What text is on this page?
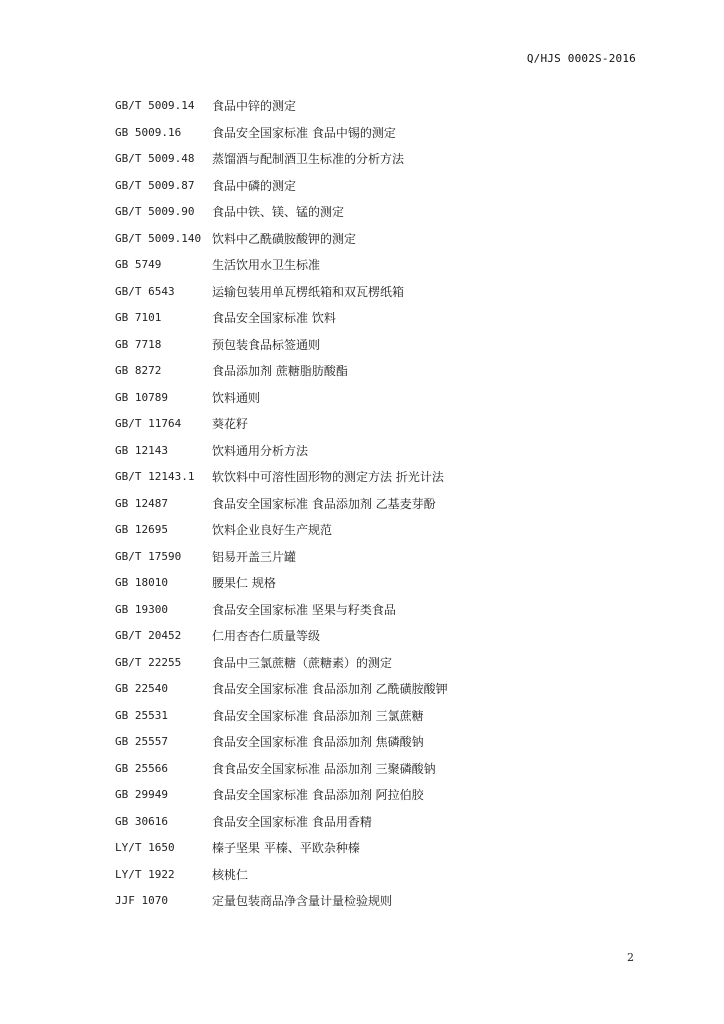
Q/HJS 0002S-2016
GB/T 5009.14	食品中锌的测定
GB 5009.16	食品安全国家标准 食品中锡的测定
GB/T 5009.48	蒸馏酒与配制酒卫生标准的分析方法
GB/T 5009.87	食品中磷的测定
GB/T 5009.90	食品中铁、镁、锰的测定
GB/T 5009.140 饮料中乙酰磺胺酸钾的测定
GB 5749	生活饮用水卫生标准
GB/T 6543	运输包装用单瓦楞纸箱和双瓦楞纸箱
GB 7101	食品安全国家标准 饮料
GB 7718	预包装食品标签通则
GB 8272	食品添加剂 蔗糖脂肪酸酯
GB 10789	饮料通则
GB/T 11764	葵花籽
GB 12143	饮料通用分析方法
GB/T 12143.1	软饮料中可溶性固形物的测定方法 折光计法
GB 12487	食品安全国家标准 食品添加剂 乙基麦芽酚
GB 12695	饮料企业良好生产规范
GB/T 17590	铝易开盖三片罐
GB 18010	腰果仁 规格
GB 19300	食品安全国家标准 坚果与籽类食品
GB/T 20452	仁用杏杏仁质量等级
GB/T 22255	食品中三氯蔗糖（蔗糖素）的测定
GB 22540	食品安全国家标准 食品添加剂 乙酰磺胺酸钾
GB 25531	食品安全国家标准 食品添加剂 三氯蔗糖
GB 25557	食品安全国家标准 食品添加剂 焦磷酸钠
GB 25566	食食品安全国家标准 品添加剂 三聚磷酸钠
GB 29949	食品安全国家标准 食品添加剂 阿拉伯胶
GB 30616	食品安全国家标准 食品用香精
LY/T 1650	榛子坚果 平榛、平欧杂种榛
LY/T 1922	核桃仁
JJF 1070	定量包装商品净含量计量检验规则
2
